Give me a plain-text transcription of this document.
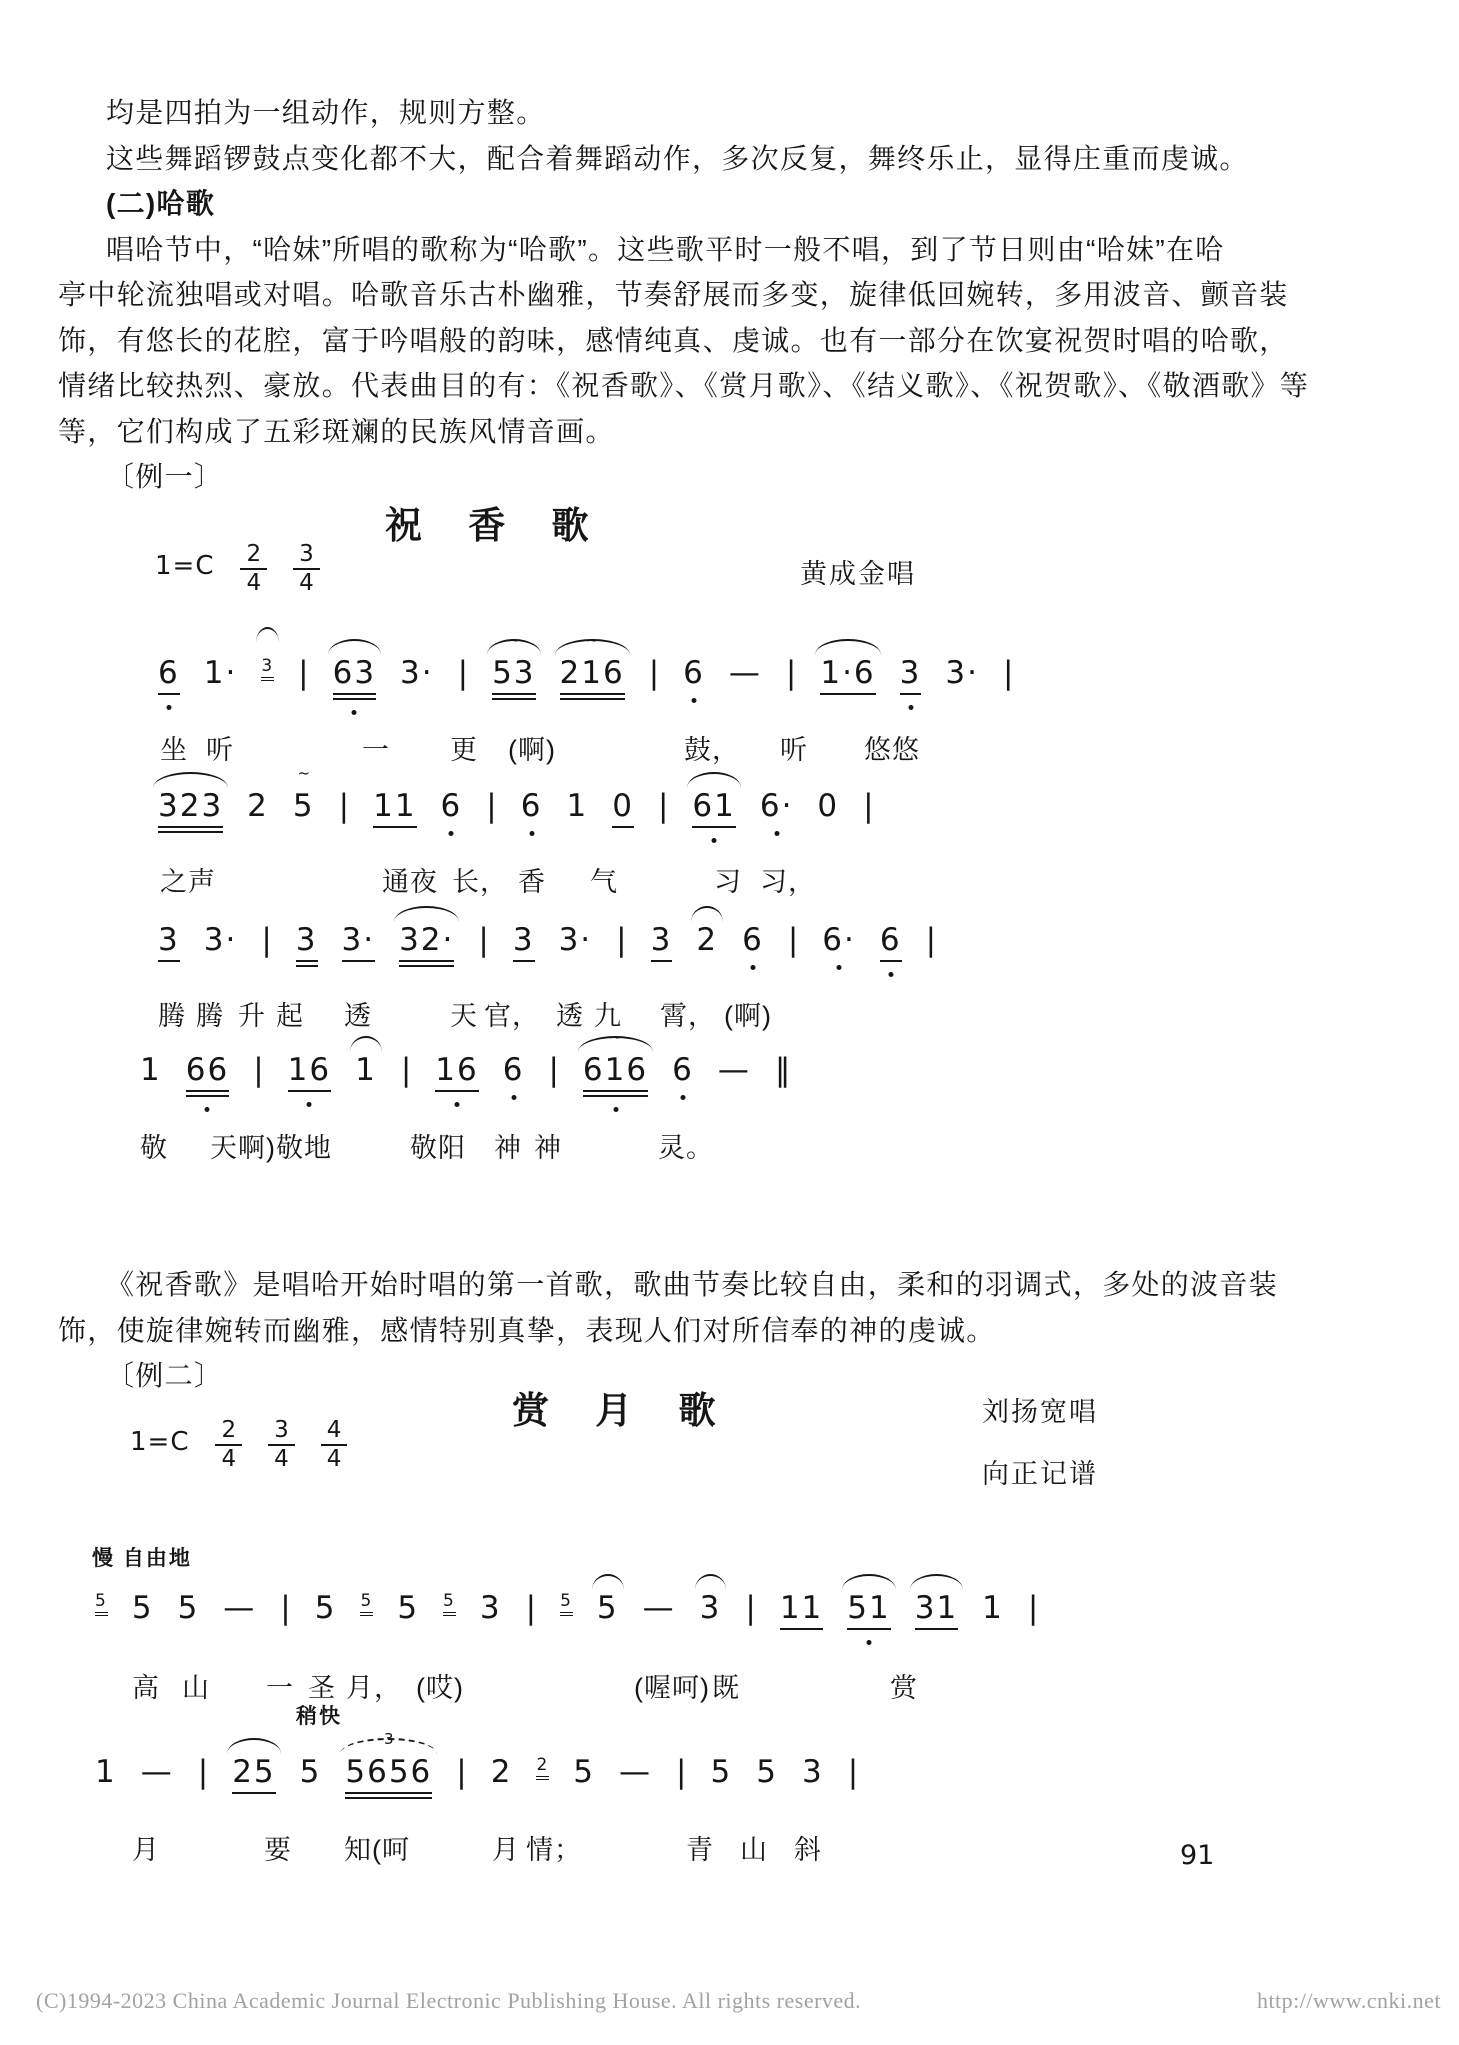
均是四拍为一组动作，规则方整。
这些舞蹈锣鼓点变化都不大，配合着舞蹈动作，多次反复，舞终乐止，显得庄重而虔诚。
(二)哈歌
唱哈节中，“哈妹”所唱的歌称为“哈歌”。这些歌平时一般不唱，到了节日则由“哈妹”在哈
亭中轮流独唱或对唱。哈歌音乐古朴幽雅，节奏舒展而多变，旋律低回婉转，多用波音、颤音装
饰，有悠长的花腔，富于吟唱般的韵味，感情纯真、虔诚。也有一部分在饮宴祝贺时唱的哈歌，
情绪比较热烈、豪放。代表曲目的有：《祝香歌》、《赏月歌》、《结义歌》、《祝贺歌》、《敬酒歌》等
等，它们构成了五彩斑斓的民族风情音画。
〔例一〕
祝 香 歌
$1=C \frac{2}{4} \frac{3}{4}$	黄成金唱
6 1· 3 | 63 3· | 53
~
216
~
| 6 — | 1·6 3 3· |
坐 听	一 更 (啊)	鼓， 听 悠悠
323 2 5
~
| 11 6 | 6 1 0 | 61 6· 0 |
之声	通夜 长， 香 气	习 习，
3 3· | 3 3· 32· | 3 3· | 3 2 6 | 6· 6 |
腾 腾 升 起 透	天 官， 透 九 霄， (啊)
1 66 | 16 1 | 16 6 | 616
~
6 — ‖
敬 天啊)敬地	敬阳 神 神	灵。
《祝香歌》是唱哈开始时唱的第一首歌，歌曲节奏比较自由，柔和的羽调式，多处的波音装
饰，使旋律婉转而幽雅，感情特别真挚，表现人们对所信奉的神的虔诚。
〔例二〕
赏 月 歌
$1=C \frac{2}{4} \frac{3}{4} \frac{4}{4}$
刘扬宽唱
向正记谱
慢 自由地
5 5 5 — | 5 5 5 5 3 | 5 5 — 3 | 11 51 31 1 |
高 山 一 圣 月， (哎)	(喔呵) 既	赏
稍快
1 — | 25 5 5656
3
| 2 2 5 — | 5 5 3 |
月	要 知(呵	月 情；	青 山 斜	91
(C)1994-2023 China Academic Journal Electronic Publishing House. All rights reserved.	http://www.cnki.net
